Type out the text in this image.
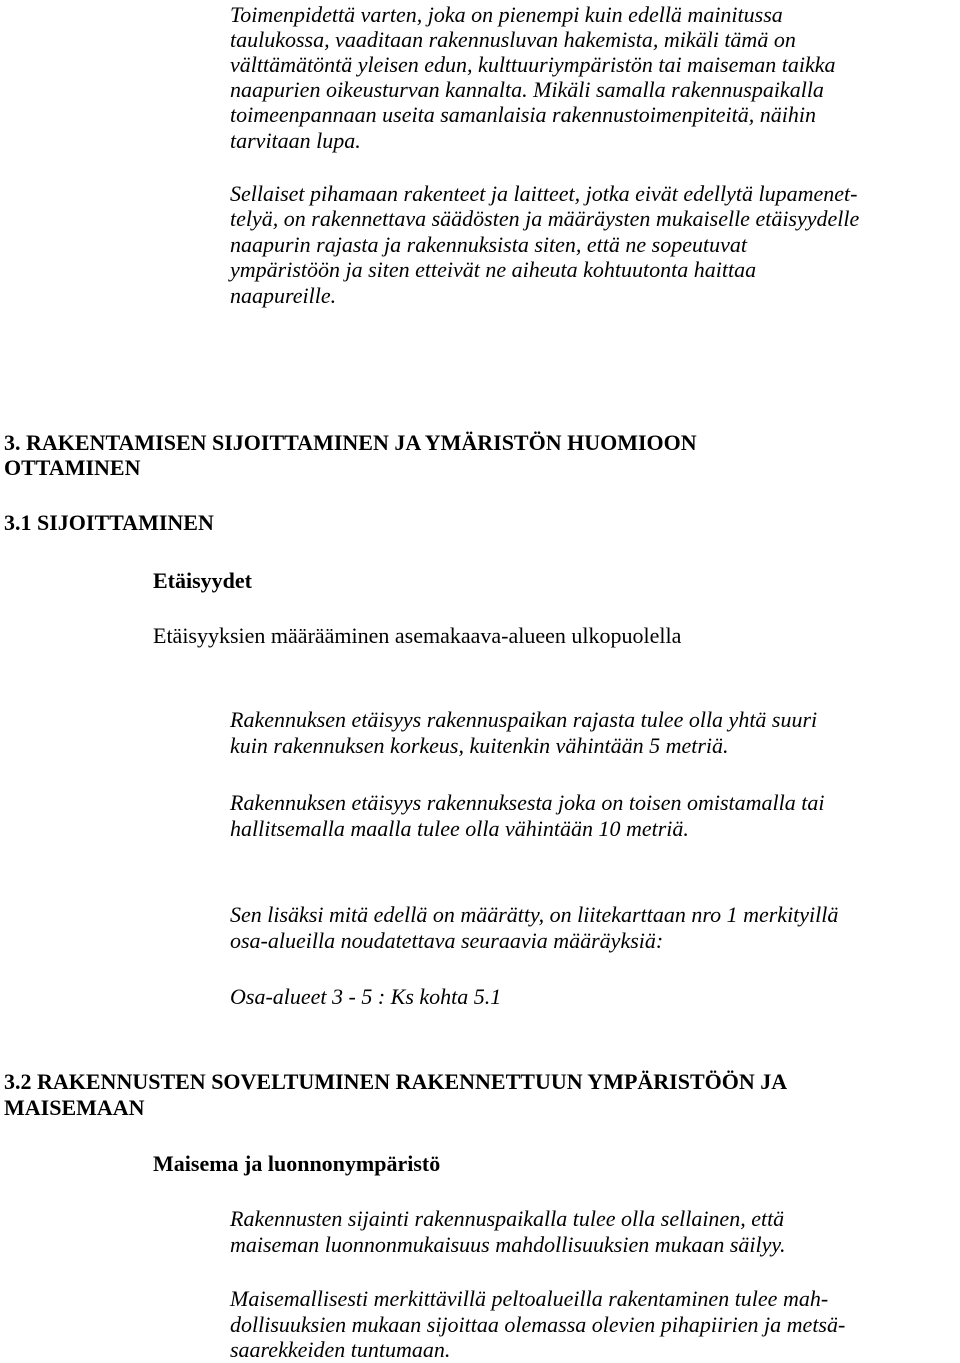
Toimenpidettä varten, joka on pienempi kuin edellä mainitussa
taulukossa, vaaditaan rakennusluvan hakemista, mikäli tämä on
välttämätöntä yleisen edun, kulttuuriympäristön tai maiseman taikka
naapurien oikeusturvan kannalta. Mikäli samalla rakennuspaikalla
toimeenpannaan useita samanlaisia rakennustoimenpiteitä, näihin
tarvitaan lupa.
Sellaiset pihamaan rakenteet ja laitteet, jotka eivät edellytä lupamenet-
telyä, on rakennettava säädösten ja määräysten mukaiselle etäisyydelle
naapurin rajasta ja rakennuksista siten, että ne sopeutuvat
ympäristöön ja siten etteivät ne aiheuta kohtuutonta haittaa
naapureille.
3. RAKENTAMISEN SIJOITTAMINEN JA YMÄRISTÖN HUOMIOON
OTTAMINEN
3.1 SIJOITTAMINEN
Etäisyydet
Etäisyyksien määrääminen asemakaava-alueen ulkopuolella
Rakennuksen etäisyys rakennuspaikan rajasta tulee olla yhtä suuri
kuin rakennuksen korkeus, kuitenkin vähintään 5 metriä.
Rakennuksen etäisyys rakennuksesta joka on toisen omistamalla tai
hallitsemalla maalla tulee olla vähintään 10 metriä.
Sen lisäksi mitä edellä on määrätty, on liitekarttaan nro 1 merkityillä
osa-alueilla noudatettava seuraavia määräyksiä:
Osa-alueet 3 - 5 : Ks kohta 5.1
3.2 RAKENNUSTEN SOVELTUMINEN RAKENNETTUUN YMPÄRISTÖÖN JA
MAISEMAAN
Maisema ja luonnonympäristö
Rakennusten sijainti rakennuspaikalla tulee olla sellainen, että
maiseman luonnonmukaisuus mahdollisuuksien mukaan säilyy.
Maisemallisesti merkittävillä peltoalueilla rakentaminen tulee mah-
dollisuuksien mukaan sijoittaa olemassa olevien pihapiirien ja metsä-
saarekkeiden tuntumaan.
